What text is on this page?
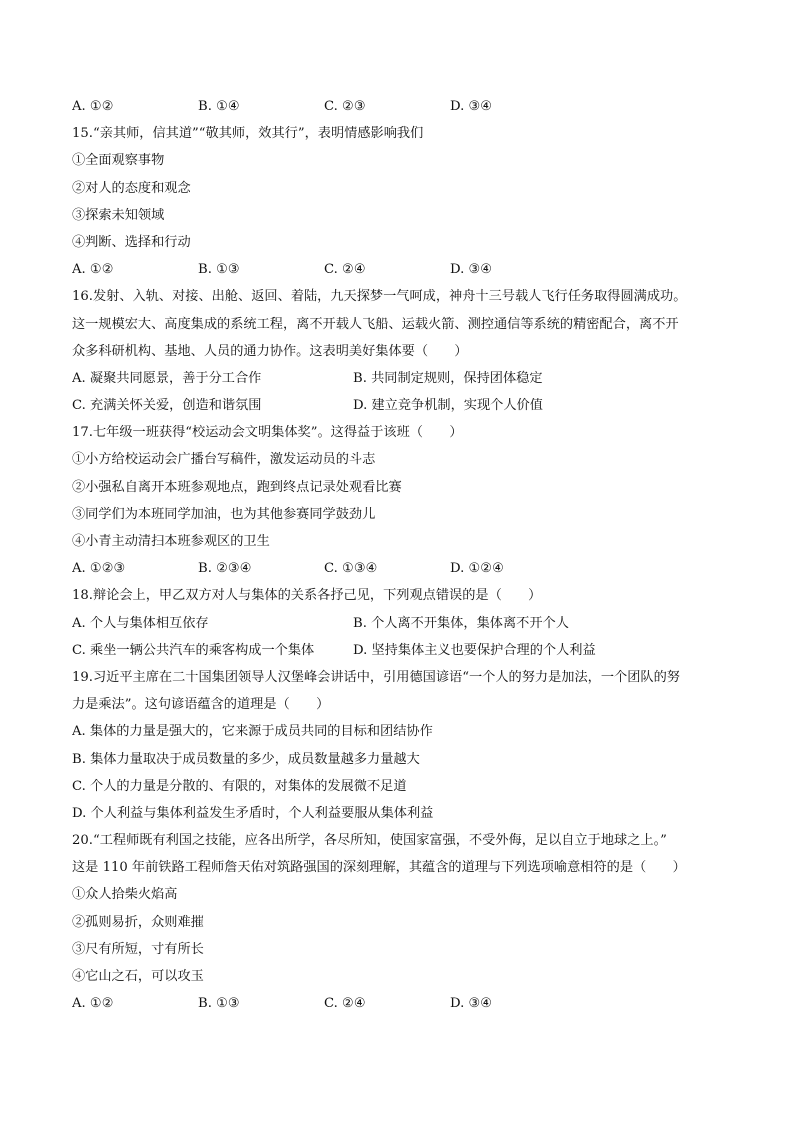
A. ①②	B. ①④	C. ②③	D. ③④
15.“亲其师，信其道”“敬其师，效其行”，表明情感影响我们
①全面观察事物
②对人的态度和观念
③探索未知领域
④判断、选择和行动
A. ①②	B. ①③	C. ②④	D. ③④
16.发射、入轨、对接、出舱、返回、着陆，九天探梦一气呵成，神舟十三号载人飞行任务取得圆满成功。
这一规模宏大、高度集成的系统工程，离不开载人飞船、运载火箭、测控通信等系统的精密配合，离不开
众多科研机构、基地、人员的通力协作。这表明美好集体要（　　）
A. 凝聚共同愿景，善于分工合作	B. 共同制定规则，保持团体稳定
C. 充满关怀关爱，创造和谐氛围	D. 建立竞争机制，实现个人价值
17.七年级一班获得“校运动会文明集体奖”。这得益于该班（　　）
①小方给校运动会广播台写稿件，激发运动员的斗志
②小强私自离开本班参观地点，跑到终点记录处观看比赛
③同学们为本班同学加油，也为其他参赛同学鼓劲儿
④小青主动清扫本班参观区的卫生
A. ①②③	B. ②③④	C. ①③④	D. ①②④
18.辩论会上，甲乙双方对人与集体的关系各抒己见，下列观点错误的是（　　）
A. 个人与集体相互依存	B. 个人离不开集体，集体离不开个人
C. 乘坐一辆公共汽车的乘客构成一个集体	D. 坚持集体主义也要保护合理的个人利益
19.习近平主席在二十国集团领导人汉堡峰会讲话中，引用德国谚语“一个人的努力是加法，一个团队的努
力是乘法”。这句谚语蕴含的道理是（　　）
A. 集体的力量是强大的，它来源于成员共同的目标和团结协作
B. 集体力量取决于成员数量的多少，成员数量越多力量越大
C. 个人的力量是分散的、有限的，对集体的发展微不足道
D. 个人利益与集体利益发生矛盾时，个人利益要服从集体利益
20.“工程师既有利国之技能，应各出所学，各尽所知，使国家富强，不受外侮，足以自立于地球之上。”
这是 110 年前铁路工程师詹天佑对筑路强国的深刻理解，其蕴含的道理与下列选项喻意相符的是（　　）
①众人拾柴火焰高
②孤则易折，众则难摧
③尺有所短，寸有所长
④它山之石，可以攻玉
A. ①②	B. ①③	C. ②④	D. ③④
